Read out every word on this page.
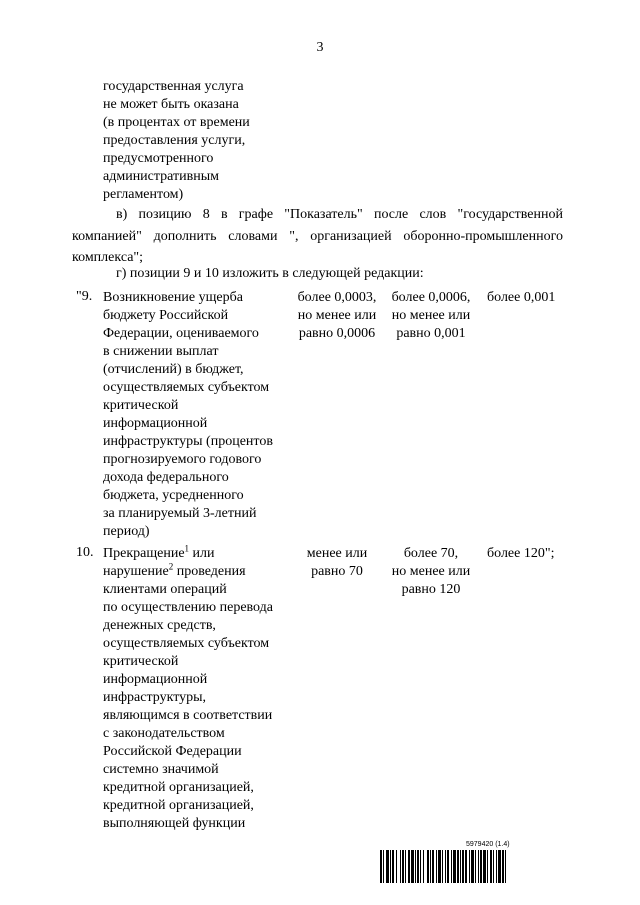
3
государственная услуга
не может быть оказана
(в процентах от времени
предоставления услуги,
предусмотренного
административным
регламентом)
в) позицию 8 в графе "Показатель" после слов "государственной
компанией" дополнить словами ", организацией оборонно-промышленного
комплекса";
г) позиции 9 и 10 изложить в следующей редакции:
"9. Возникновение ущерба
бюджету Российской
Федерации, оцениваемого
в снижении выплат
(отчислений) в бюджет,
осуществляемых субъектом
критической
информационной
инфраструктуры (процентов
прогнозируемого годового
дохода федерального
бюджета, усредненного
за планируемый 3-летний
период)
более 0,0003,
но менее или
равно 0,0006
более 0,0006,
но менее или
равно 0,001
более 0,001
10. Прекращение$^1$ или
нарушение$^2$ проведения
клиентами операций
по осуществлению перевода
денежных средств,
осуществляемых субъектом
критической
информационной
инфраструктуры,
являющимся в соответствии
с законодательством
Российской Федерации
системно значимой
кредитной организацией,
кредитной организацией,
выполняющей функции
менее или
равно 70
более 70,
но менее или
равно 120
более 120";
5979420 (1.4)
